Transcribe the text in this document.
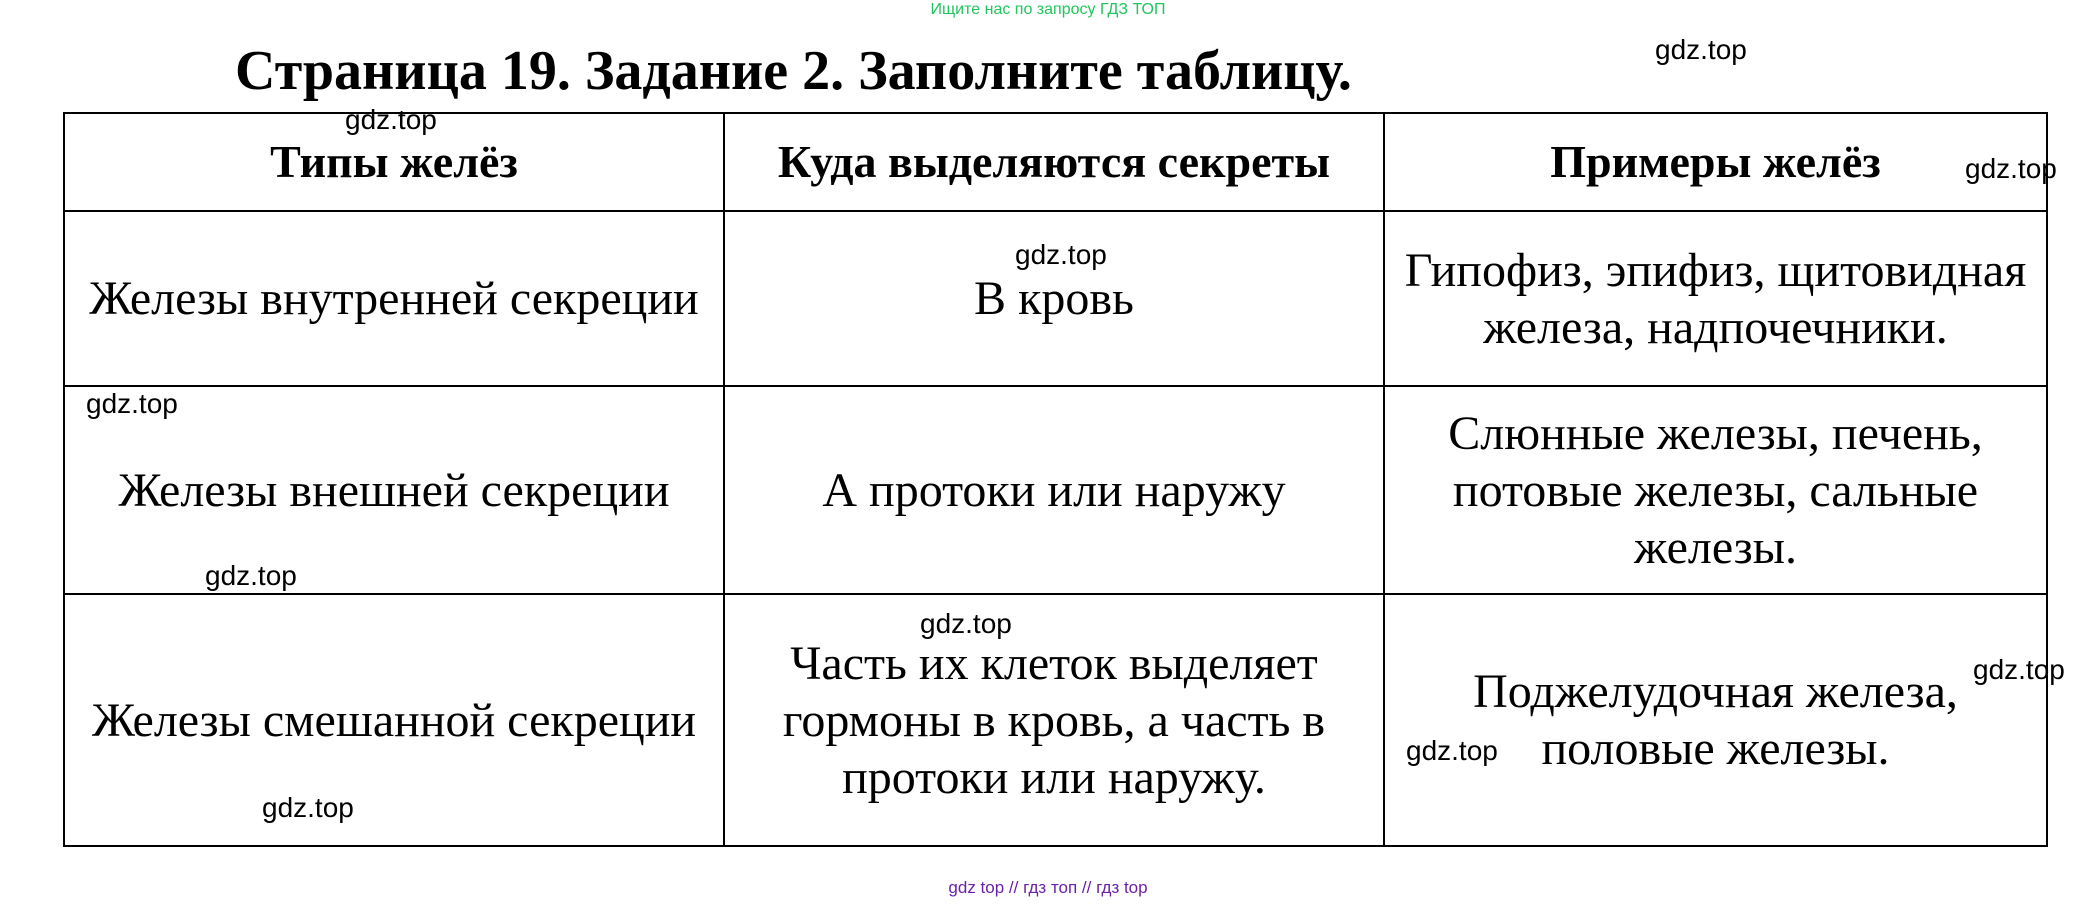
Ищите нас по запросу ГДЗ ТОП
Страница 19. Задание 2. Заполните таблицу.
Типы желёз	Куда выделяются секреты	Примеры желёз
Железы внутренней секреции	В кровь	Гипофиз, эпифиз, щитовидная железа, надпочечники.
Железы внешней секреции	А протоки или наружу	Слюнные железы, печень, потовые железы, сальные железы.
Железы смешанной секреции	Часть их клеток выделяет гормоны в кровь, а часть в протоки или наружу.	Поджелудочная железа, половые железы.
gdz.top
gdz.top
gdz.top
gdz.top
gdz.top
gdz.top
gdz.top
gdz.top
gdz.top
gdz.top
gdz top // гдз топ // гдз top
